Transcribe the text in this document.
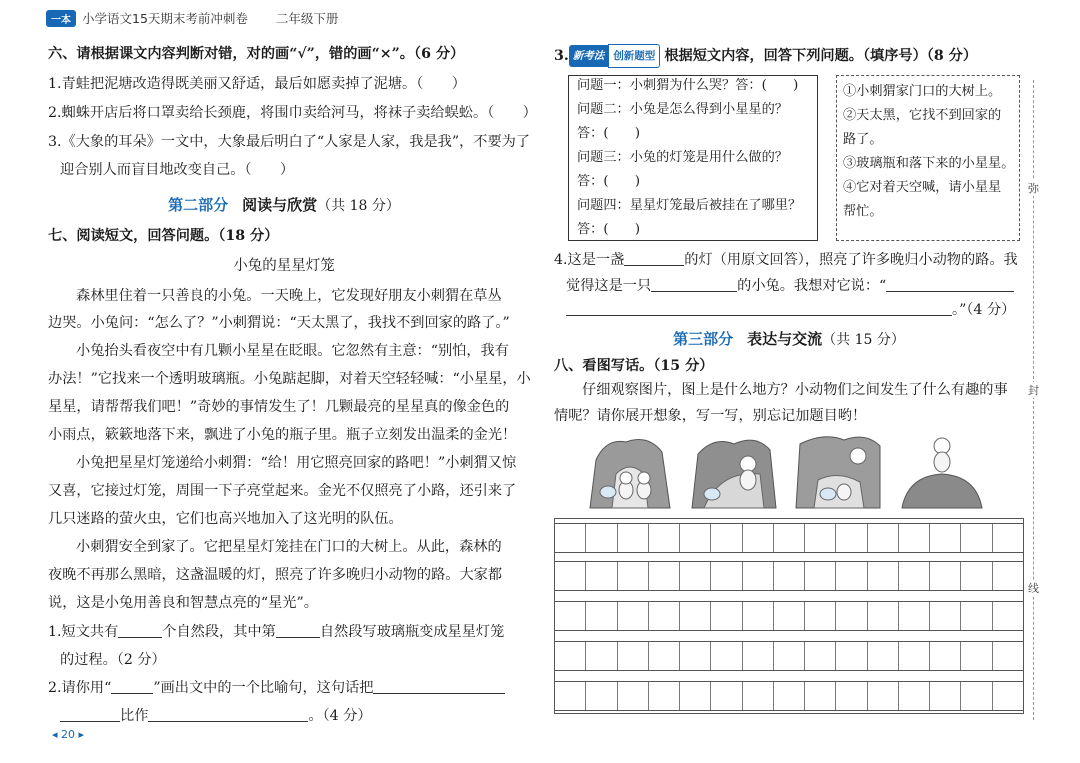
一本 小学语文15天期末考前冲刺卷 二年级下册
六、请根据课文内容判断对错，对的画“√”，错的画“×”。（6 分）
1.青蛙把泥塘改造得既美丽又舒适，最后如愿卖掉了泥塘。（　　）
2.蜘蛛开店后将口罩卖给长颈鹿，将围巾卖给河马，将袜子卖给蜈蚣。（　　）
3.《大象的耳朵》一文中，大象最后明白了“人家是人家，我是我”，不要为了
迎合别人而盲目地改变自己。（　　）
第二部分 阅读与欣赏（共 18 分）
七、阅读短文，回答问题。（18 分）
小兔的星星灯笼
森林里住着一只善良的小兔。一天晚上，它发现好朋友小刺猬在草丛
边哭。小兔问：“怎么了？”小刺猬说：“天太黑了，我找不到回家的路了。”
小兔抬头看夜空中有几颗小星星在眨眼。它忽然有主意：“别怕，我有
办法！”它找来一个透明玻璃瓶。小兔踮起脚，对着天空轻轻喊：“小星星，小
星星，请帮帮我们吧！”奇妙的事情发生了！几颗最亮的星星真的像金色的
小雨点，簌簌地落下来，飘进了小兔的瓶子里。瓶子立刻发出温柔的金光！
小兔把星星灯笼递给小刺猬：“给！用它照亮回家的路吧！”小刺猬又惊
又喜，它接过灯笼，周围一下子亮堂起来。金光不仅照亮了小路，还引来了
几只迷路的萤火虫，它们也高兴地加入了这光明的队伍。
小刺猬安全到家了。它把星星灯笼挂在门口的大树上。从此，森林的
夜晚不再那么黑暗，这盏温暖的灯，照亮了许多晚归小动物的路。大家都
说，这是小兔用善良和智慧点亮的“星光”。
1.短文共有	个自然段，其中第	自然段写玻璃瓶变成星星灯笼
的过程。（2 分）
2.请你用“	”画出文中的一个比喻句，这句话把
比作	。（4 分）
3. 新考法 创新题型 根据短文内容，回答下列问题。（填序号）（8 分）
问题一：小刺猬为什么哭？答：(　　)
问题二：小兔是怎么得到小星星的？
答：(　　)
问题三：小兔的灯笼是用什么做的？
答：(　　)
问题四：星星灯笼最后被挂在了哪里？
答：(　　)
①小刺猬家门口的大树上。
②天太黑，它找不到回家的
路了。
③玻璃瓶和落下来的小星星。
④它对着天空喊，请小星星
帮忙。
4.这是一盏	的灯（用原文回答），照亮了许多晚归小动物的路。我
觉得这是一只	的小兔。我想对它说：“
。”（4 分）
第三部分 表达与交流（共 15 分）
八、看图写话。（15 分）
仔细观察图片，图上是什么地方？小动物们之间发生了什么有趣的事
情呢？请你展开想象，写一写，别忘记加题目哟！
弥
封
线
◂ 20 ▸
